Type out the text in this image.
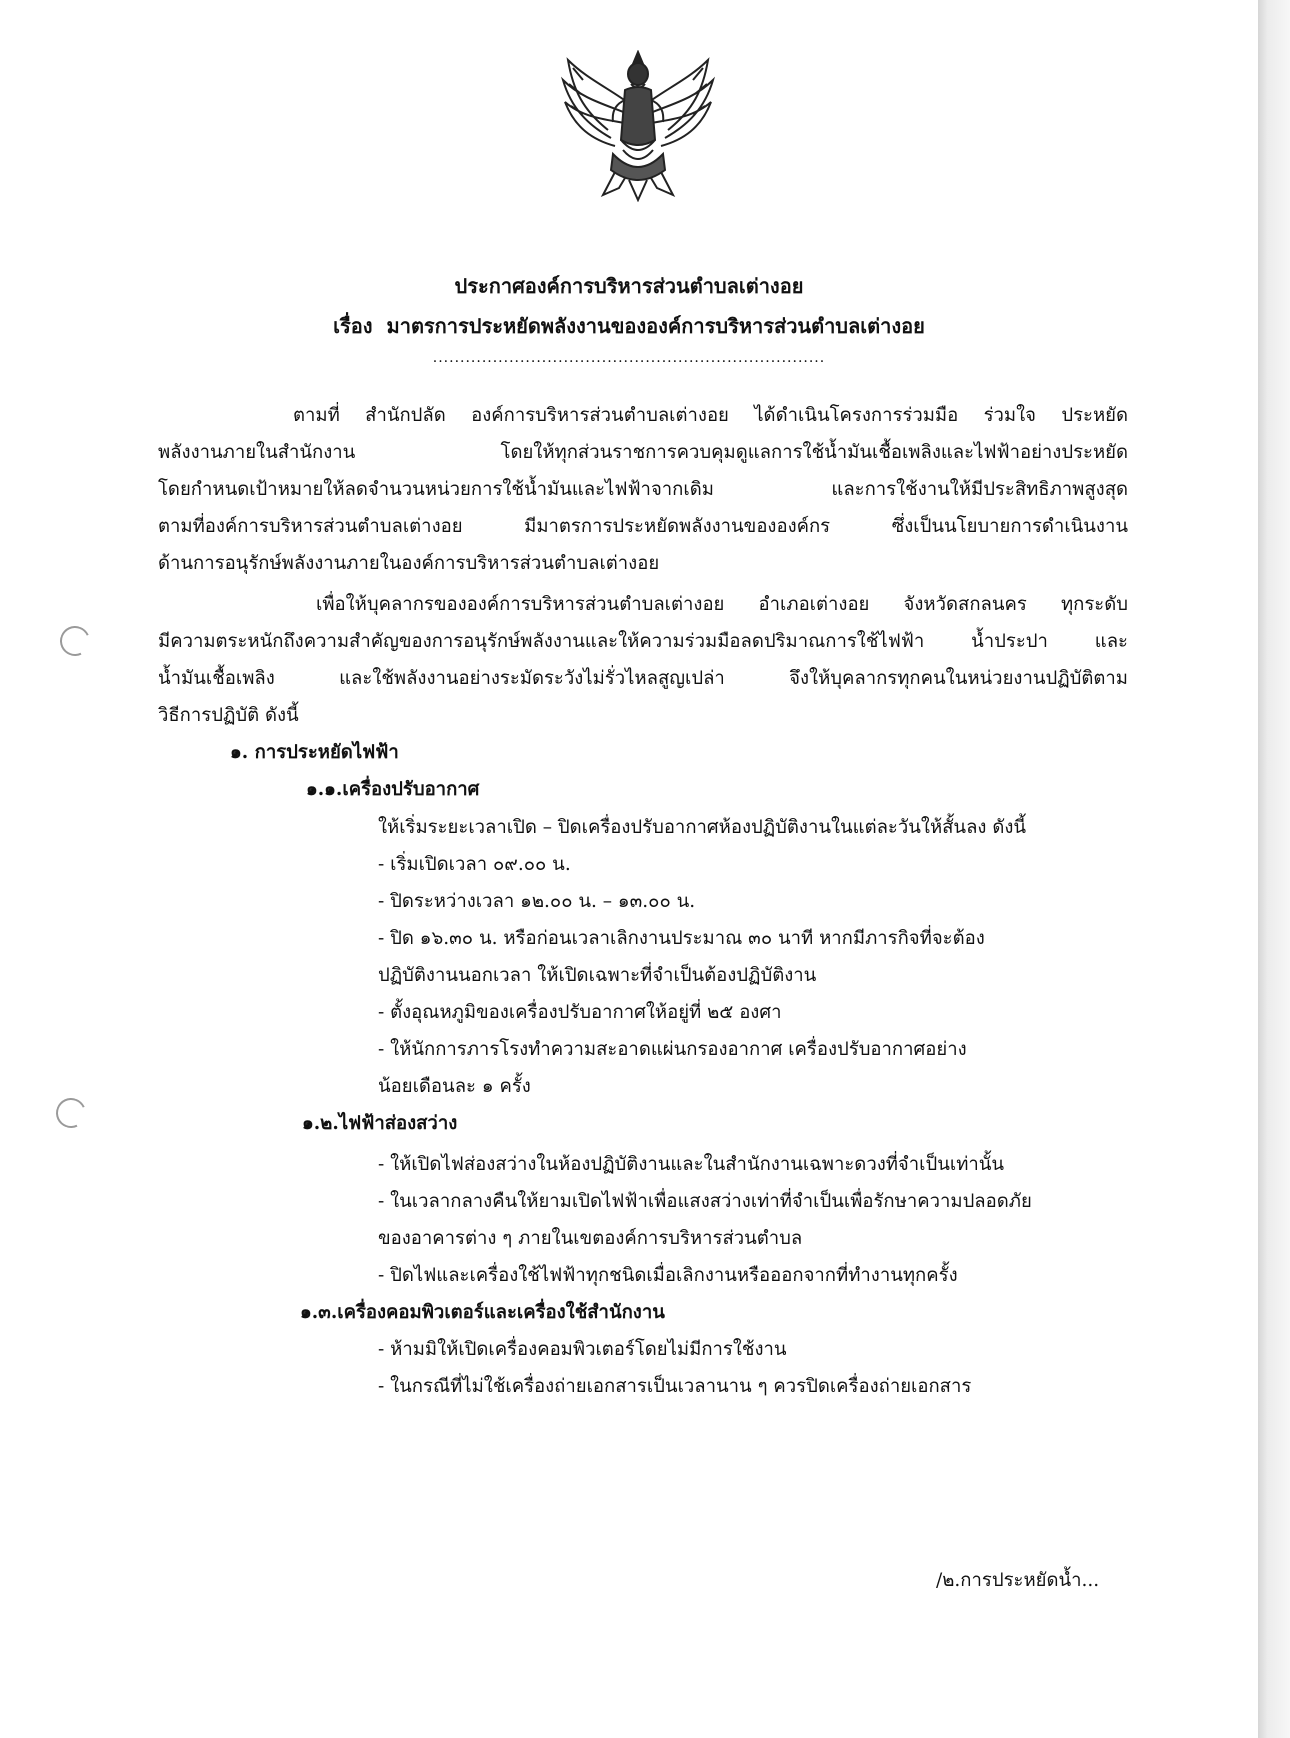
ประกาศองค์การบริหารส่วนตำบลเต่างอย
เรื่อง มาตรการประหยัดพลังงานขององค์การบริหารส่วนตำบลเต่างอย
........................................................................
ตามที่ สำนักปลัด องค์การบริหารส่วนตำบลเต่างอย ได้ดำเนินโครงการร่วมมือ ร่วมใจ ประหยัด
พลังงานภายในสำนักงาน โดยให้ทุกส่วนราชการควบคุมดูแลการใช้น้ำมันเชื้อเพลิงและไฟฟ้าอย่างประหยัด
โดยกำหนดเป้าหมายให้ลดจำนวนหน่วยการใช้น้ำมันและไฟฟ้าจากเดิม และการใช้งานให้มีประสิทธิภาพสูงสุด
ตามที่องค์การบริหารส่วนตำบลเต่างอย มีมาตรการประหยัดพลังงานขององค์กร ซึ่งเป็นนโยบายการดำเนินงาน
ด้านการอนุรักษ์พลังงานภายในองค์การบริหารส่วนตำบลเต่างอย
เพื่อให้บุคลากรขององค์การบริหารส่วนตำบลเต่างอย อำเภอเต่างอย จังหวัดสกลนคร ทุกระดับ
มีความตระหนักถึงความสำคัญของการอนุรักษ์พลังงานและให้ความร่วมมือลดปริมาณการใช้ไฟฟ้า น้ำประปา และ
น้ำมันเชื้อเพลิง และใช้พลังงานอย่างระมัดระวังไม่รั่วไหลสูญเปล่า จึงให้บุคลากรทุกคนในหน่วยงานปฏิบัติตาม
วิธีการปฏิบัติ ดังนี้
๑. การประหยัดไฟฟ้า
๑.๑.เครื่องปรับอากาศ
ให้เริ่มระยะเวลาเปิด – ปิดเครื่องปรับอากาศห้องปฏิบัติงานในแต่ละวันให้สั้นลง ดังนี้
- เริ่มเปิดเวลา ๐๙.๐๐ น.
- ปิดระหว่างเวลา ๑๒.๐๐ น. – ๑๓.๐๐ น.
- ปิด ๑๖.๓๐ น. หรือก่อนเวลาเลิกงานประมาณ ๓๐ นาที หากมีภารกิจที่จะต้อง
ปฏิบัติงานนอกเวลา ให้เปิดเฉพาะที่จำเป็นต้องปฏิบัติงาน
- ตั้งอุณหภูมิของเครื่องปรับอากาศให้อยู่ที่ ๒๕ องศา
- ให้นักการภารโรงทำความสะอาดแผ่นกรองอากาศ เครื่องปรับอากาศอย่าง
น้อยเดือนละ ๑ ครั้ง
๑.๒.ไฟฟ้าส่องสว่าง
- ให้เปิดไฟส่องสว่างในห้องปฏิบัติงานและในสำนักงานเฉพาะดวงที่จำเป็นเท่านั้น
- ในเวลากลางคืนให้ยามเปิดไฟฟ้าเพื่อแสงสว่างเท่าที่จำเป็นเพื่อรักษาความปลอดภัย
ของอาคารต่าง ๆ ภายในเขตองค์การบริหารส่วนตำบล
- ปิดไฟและเครื่องใช้ไฟฟ้าทุกชนิดเมื่อเลิกงานหรือออกจากที่ทำงานทุกครั้ง
๑.๓.เครื่องคอมพิวเตอร์และเครื่องใช้สำนักงาน
- ห้ามมิให้เปิดเครื่องคอมพิวเตอร์โดยไม่มีการใช้งาน
- ในกรณีที่ไม่ใช้เครื่องถ่ายเอกสารเป็นเวลานาน ๆ ควรปิดเครื่องถ่ายเอกสาร
/๒.การประหยัดน้ำ...
